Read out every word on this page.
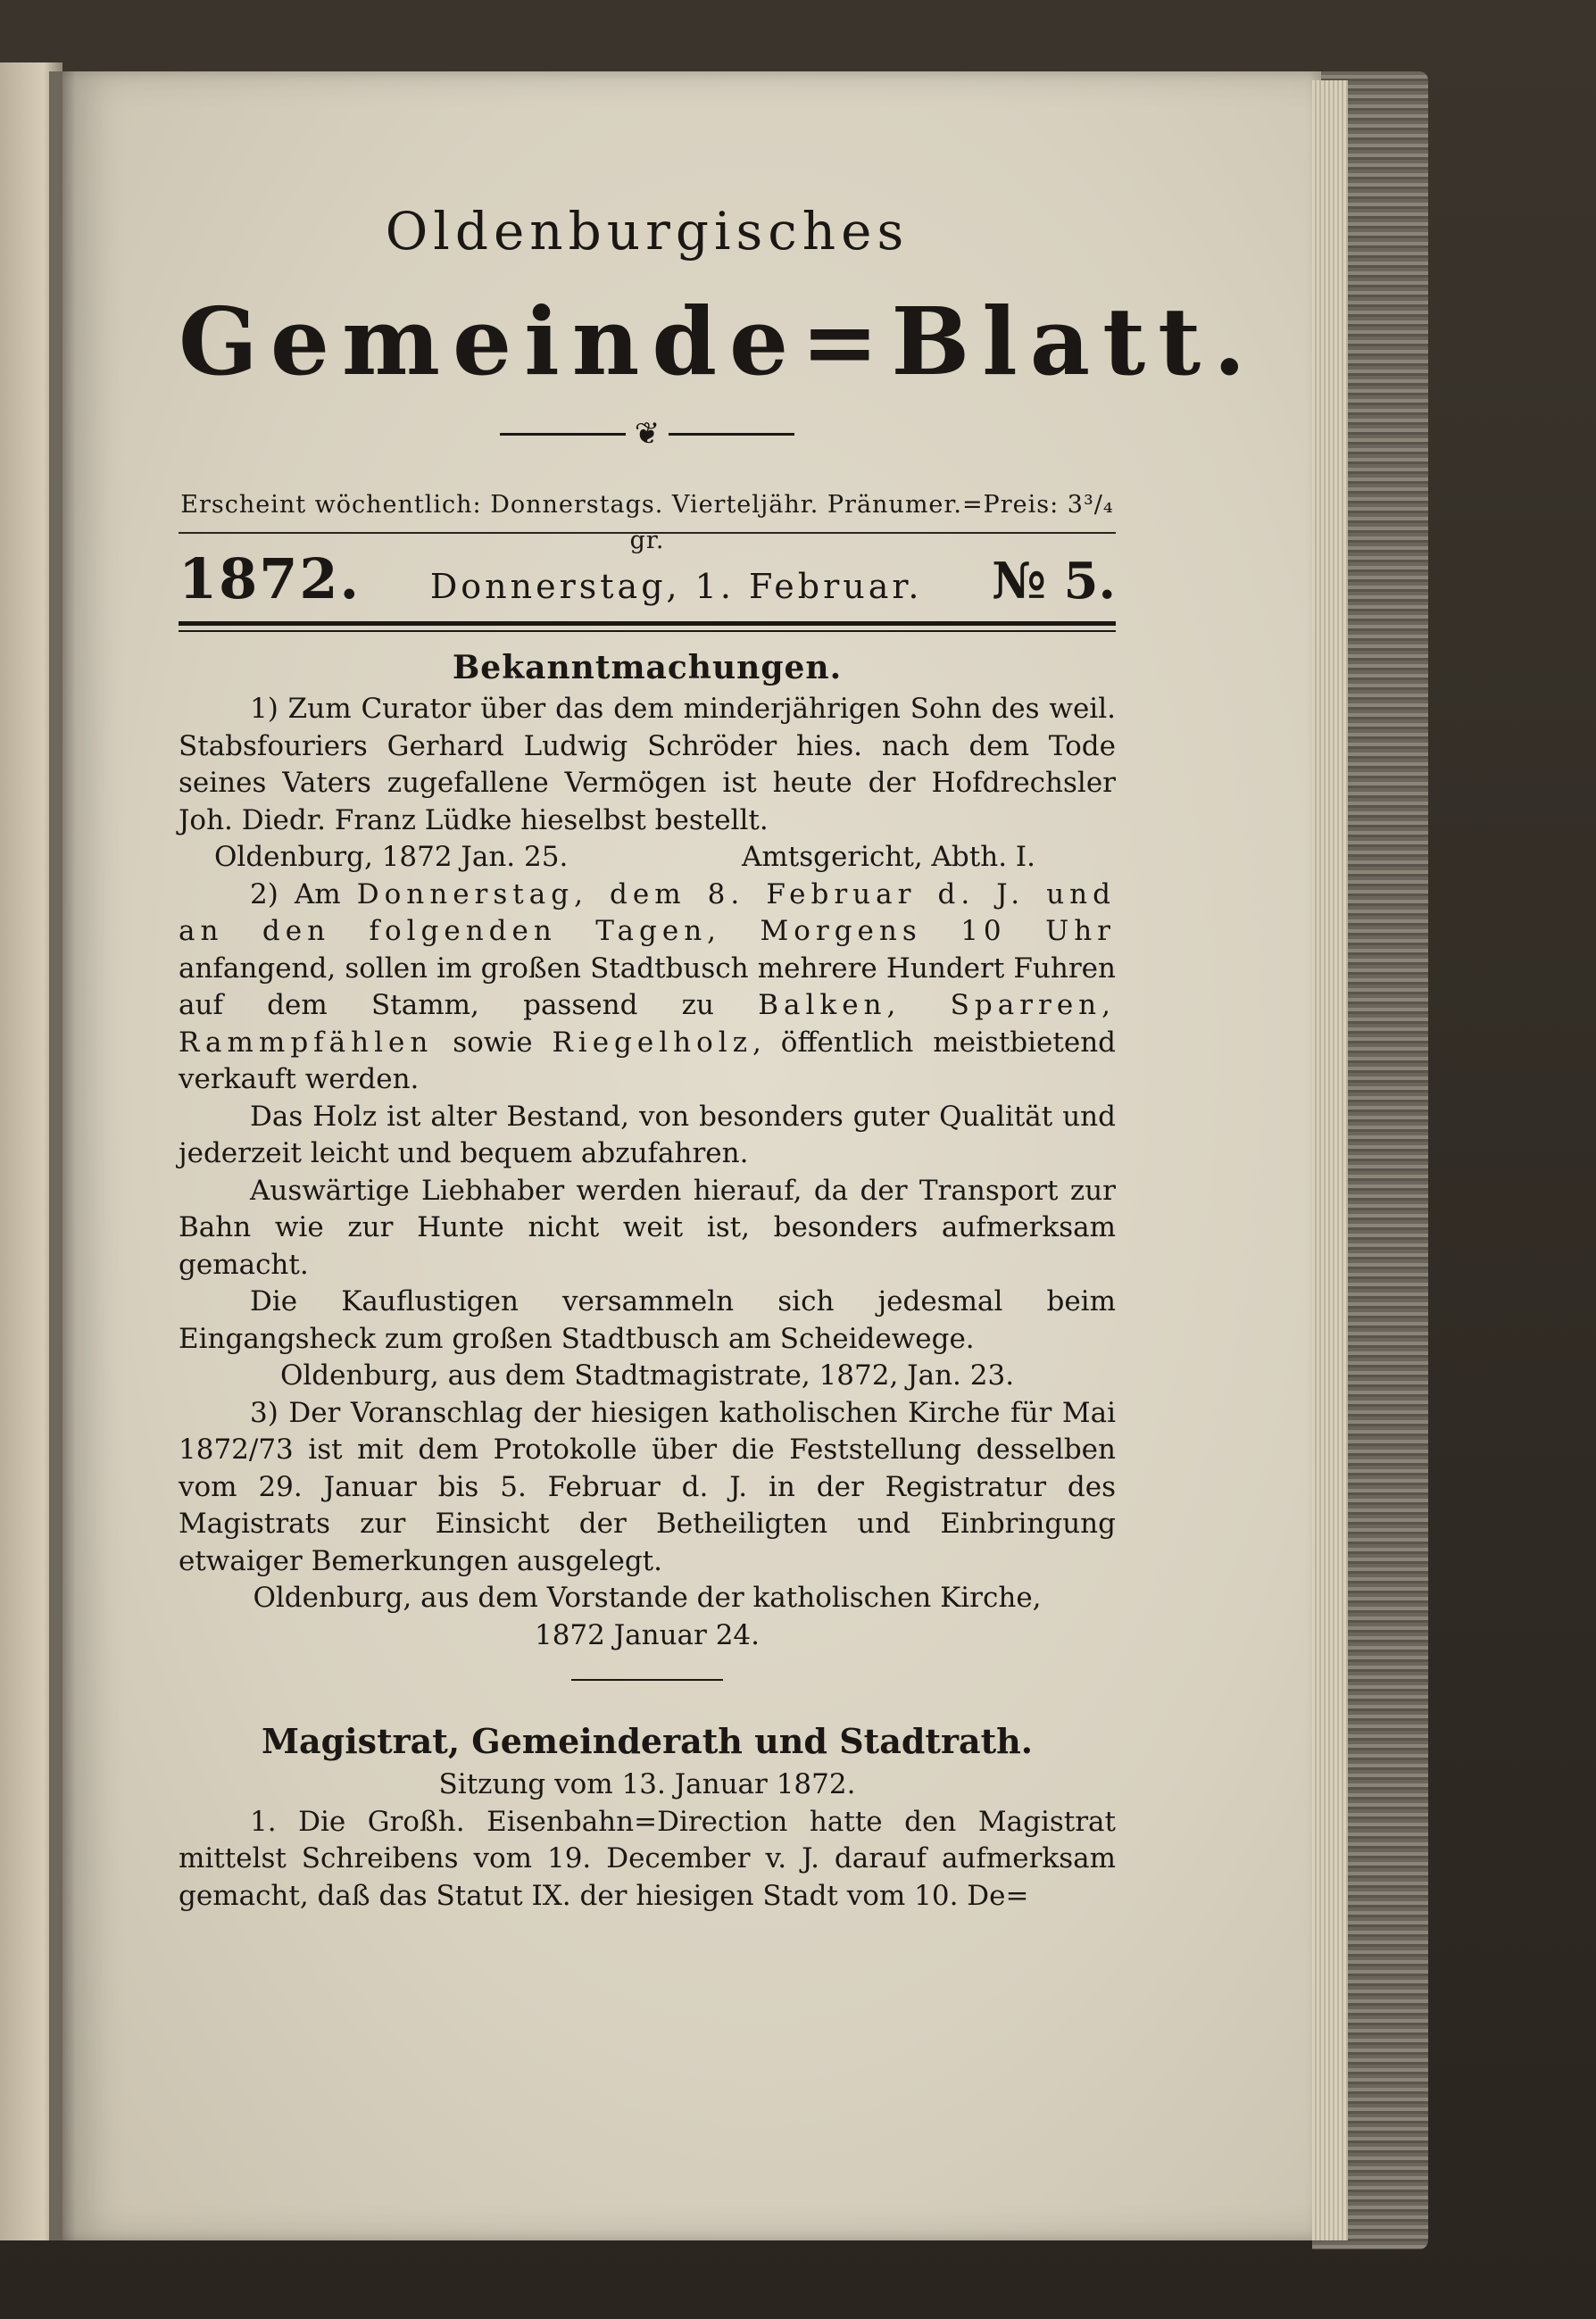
Oldenburgisches
Gemeinde=Blatt.
❦
Erscheint wöchentlich: Donnerstags. Vierteljähr. Pränumer.=Preis: 3³/₄ gr.
1872. Donnerstag, 1. Februar. № 5.
Bekanntmachungen.

1) Zum Curator über das dem minderjährigen Sohn des weil. Stabsfouriers Gerhard Ludwig Schröder hies. nach dem Tode seines Vaters zugefallene Vermögen ist heute der Hofdrechsler Joh. Diedr. Franz Lüdke hieselbst bestellt.

Oldenburg, 1872 Jan. 25.	Amtsgericht, Abth. I.

2) Am Donnerstag, dem 8. Februar d. J. und an den folgenden Tagen, Morgens 10 Uhr anfangend, sollen im großen Stadtbusch mehrere Hundert Fuhren auf dem Stamm, passend zu Balken, Sparren, Rammpfählen sowie Riegelholz, öffentlich meistbietend verkauft werden.

Das Holz ist alter Bestand, von besonders guter Qualität und jederzeit leicht und bequem abzufahren.

Auswärtige Liebhaber werden hierauf, da der Transport zur Bahn wie zur Hunte nicht weit ist, besonders aufmerksam gemacht.

Die Kauflustigen versammeln sich jedesmal beim Eingangsheck zum großen Stadtbusch am Scheidewege.

Oldenburg, aus dem Stadtmagistrate, 1872, Jan. 23.

3) Der Voranschlag der hiesigen katholischen Kirche für Mai 1872/73 ist mit dem Protokolle über die Feststellung desselben vom 29. Januar bis 5. Februar d. J. in der Registratur des Magistrats zur Einsicht der Betheiligten und Einbringung etwaiger Bemerkungen ausgelegt.

Oldenburg, aus dem Vorstande der katholischen Kirche,
1872 Januar 24.
Magistrat, Gemeinderath und Stadtrath.
Sitzung vom 13. Januar 1872.

1. Die Großh. Eisenbahn=Direction hatte den Magistrat mittelst Schreibens vom 19. December v. J. darauf aufmerksam gemacht, daß das Statut IX. der hiesigen Stadt vom 10. De=
